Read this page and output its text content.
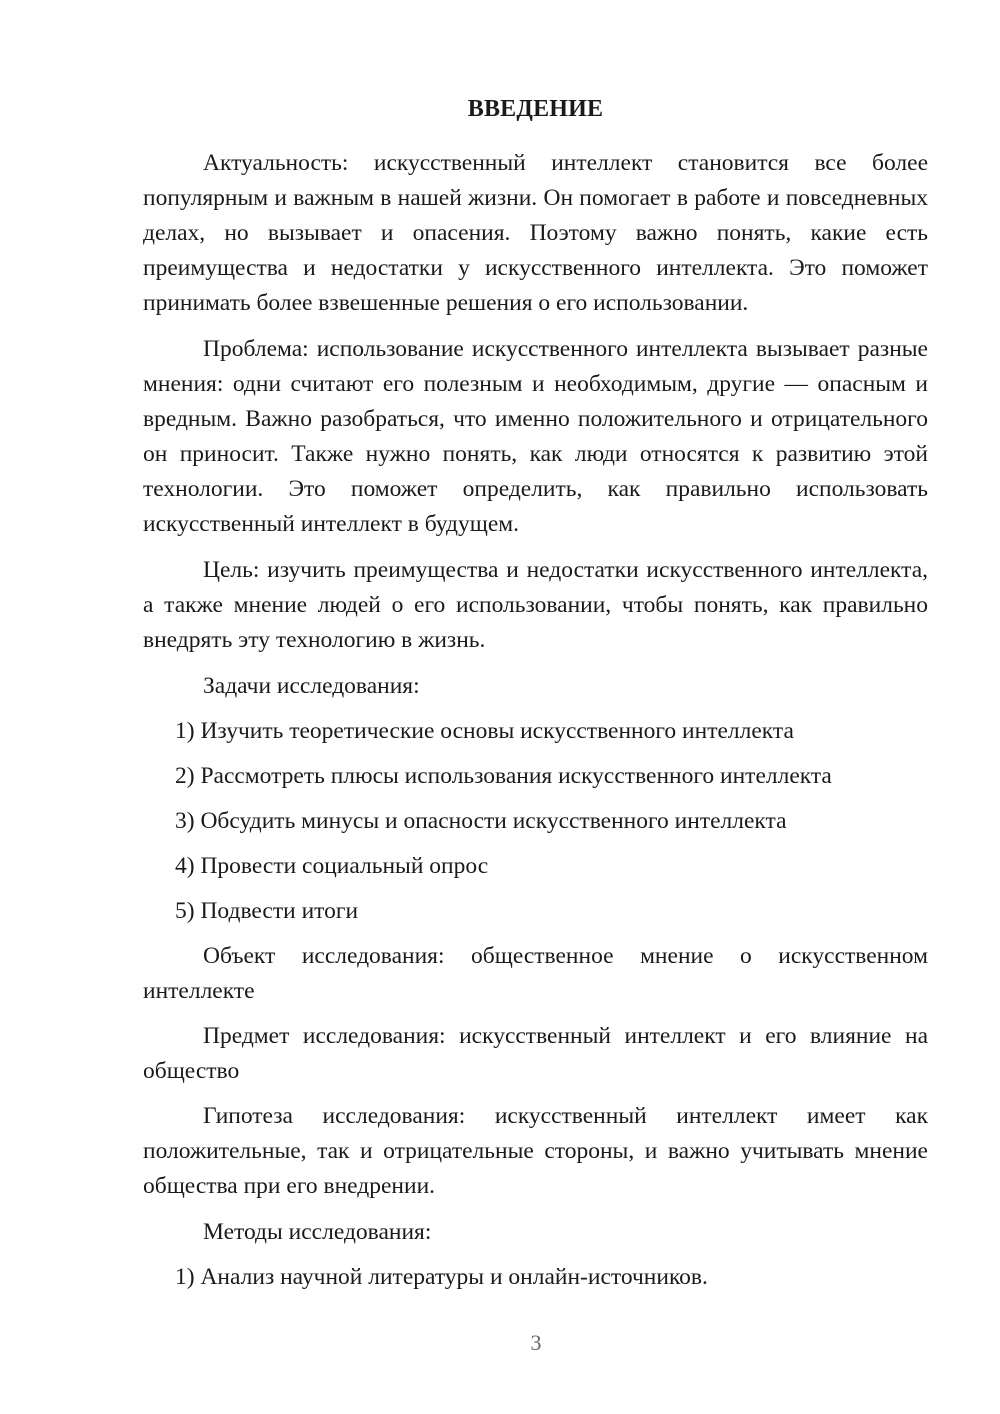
ВВЕДЕНИЕ

Актуальность: искусственный интеллект становится все более популярным и важным в нашей жизни. Он помогает в работе и повседневных делах, но вызывает и опасения. Поэтому важно понять, какие есть преимущества и недостатки у искусственного интеллекта. Это поможет принимать более взвешенные решения о его использовании.

Проблема: использование искусственного интеллекта вызывает разные мнения: одни считают его полезным и необходимым, другие — опасным и вредным. Важно разобраться, что именно положительного и отрицательного он приносит. Также нужно понять, как люди относятся к развитию этой технологии. Это поможет определить, как правильно использовать искусственный интеллект в будущем.

Цель: изучить преимущества и недостатки искусственного интеллекта, а также мнение людей о его использовании, чтобы понять, как правильно внедрять эту технологию в жизнь.

Задачи исследования:
1) Изучить теоретические основы искусственного интеллекта
2) Рассмотреть плюсы использования искусственного интеллекта
3) Обсудить минусы и опасности искусственного интеллекта
4) Провести социальный опрос
5) Подвести итоги

Объект исследования: общественное мнение о искусственном интеллекте

Предмет исследования: искусственный интеллект и его влияние на общество

Гипотеза исследования: искусственный интеллект имеет как положительные, так и отрицательные стороны, и важно учитывать мнение общества при его внедрении.

Методы исследования:
1) Анализ научной литературы и онлайн-источников.
3
